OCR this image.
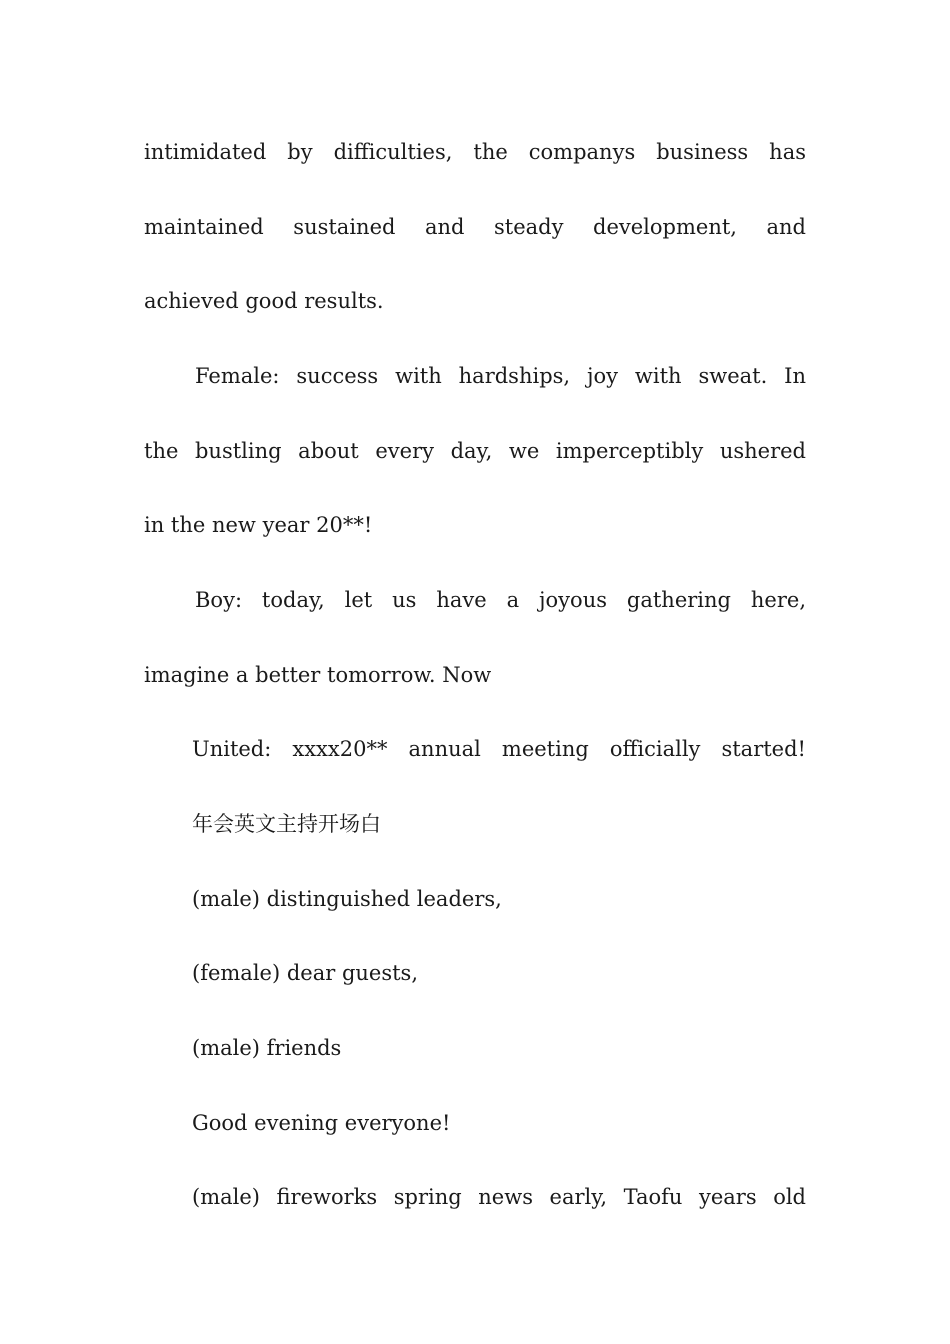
intimidated by difficulties, the companys business has

maintained sustained and steady development, and

achieved good results.

Female: success with hardships, joy with sweat. In

the bustling about every day, we imperceptibly ushered

in the new year 20**!

Boy: today, let us have a joyous gathering here,

imagine a better tomorrow. Now

United: xxxx20** annual meeting officially started!

年会英文主持开场白

(male) distinguished leaders,

(female) dear guests,

(male) friends

Good evening everyone!

(male) fireworks spring news early, Taofu years old
